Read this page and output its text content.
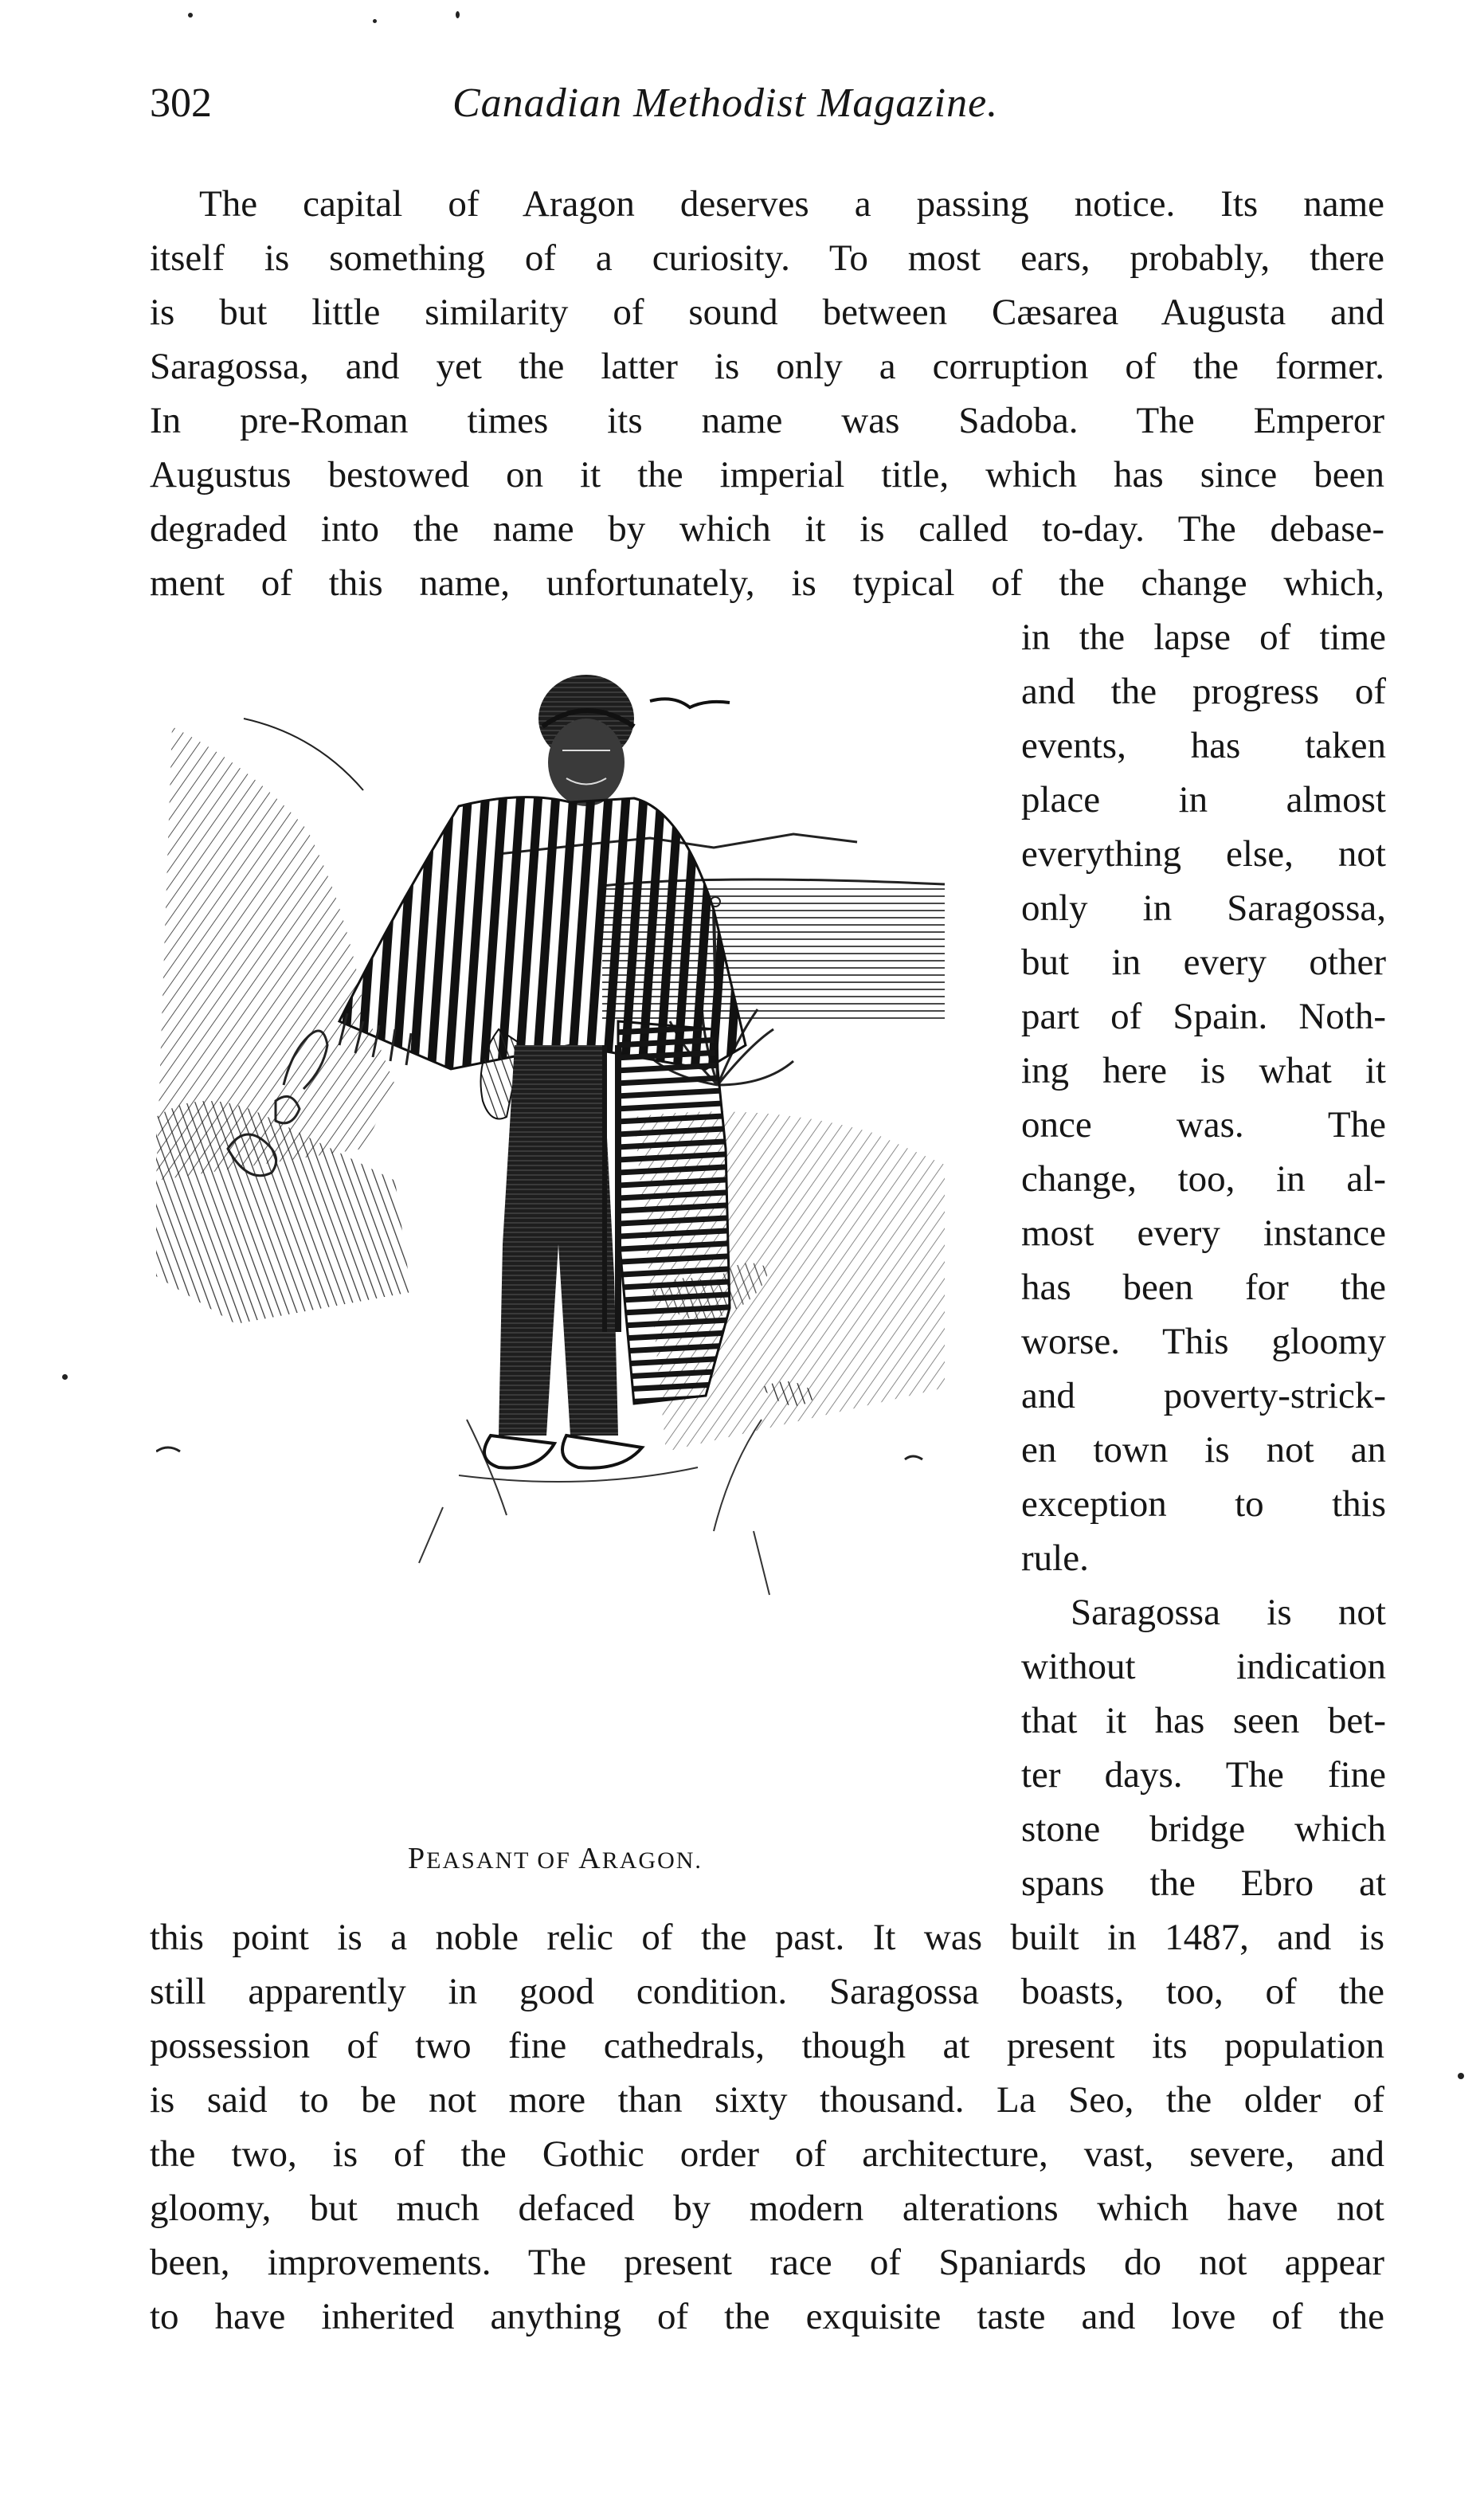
302	Canadian Methodist Magazine.
The capital of Aragon deserves a passing notice. Its name
itself is something of a curiosity. To most ears, probably, there
is but little similarity of sound between Cæsarea Augusta and
Saragossa, and yet the latter is only a corruption of the former.
In pre-Roman times its name was Sadoba. The Emperor
Augustus bestowed on it the imperial title, which has since been
degraded into the name by which it is called to-day. The debase-
ment of this name, unfortunately, is typical of the change which,
in the lapse of time
and the progress of
events, has taken
place in almost
everything else, not
only in Saragossa,
but in every other
part of Spain. Noth-
ing here is what it
once was. The
change, too, in al-
most every instance
has been for the
worse. This gloomy
and poverty-strick-
en town is not an
exception to this
rule.
Saragossa is not
without indication
that it has seen bet-
ter days. The fine
stone bridge which
spans the Ebro at
this point is a noble relic of the past. It was built in 1487, and is
still apparently in good condition. Saragossa boasts, too, of the
possession of two fine cathedrals, though at present its population
is said to be not more than sixty thousand. La Seo, the older of
the two, is of the Gothic order of architecture, vast, severe, and
gloomy, but much defaced by modern alterations which have not
been, improvements. The present race of Spaniards do not appear
to have inherited anything of the exquisite taste and love of the
PEASANT OF ARAGON.
